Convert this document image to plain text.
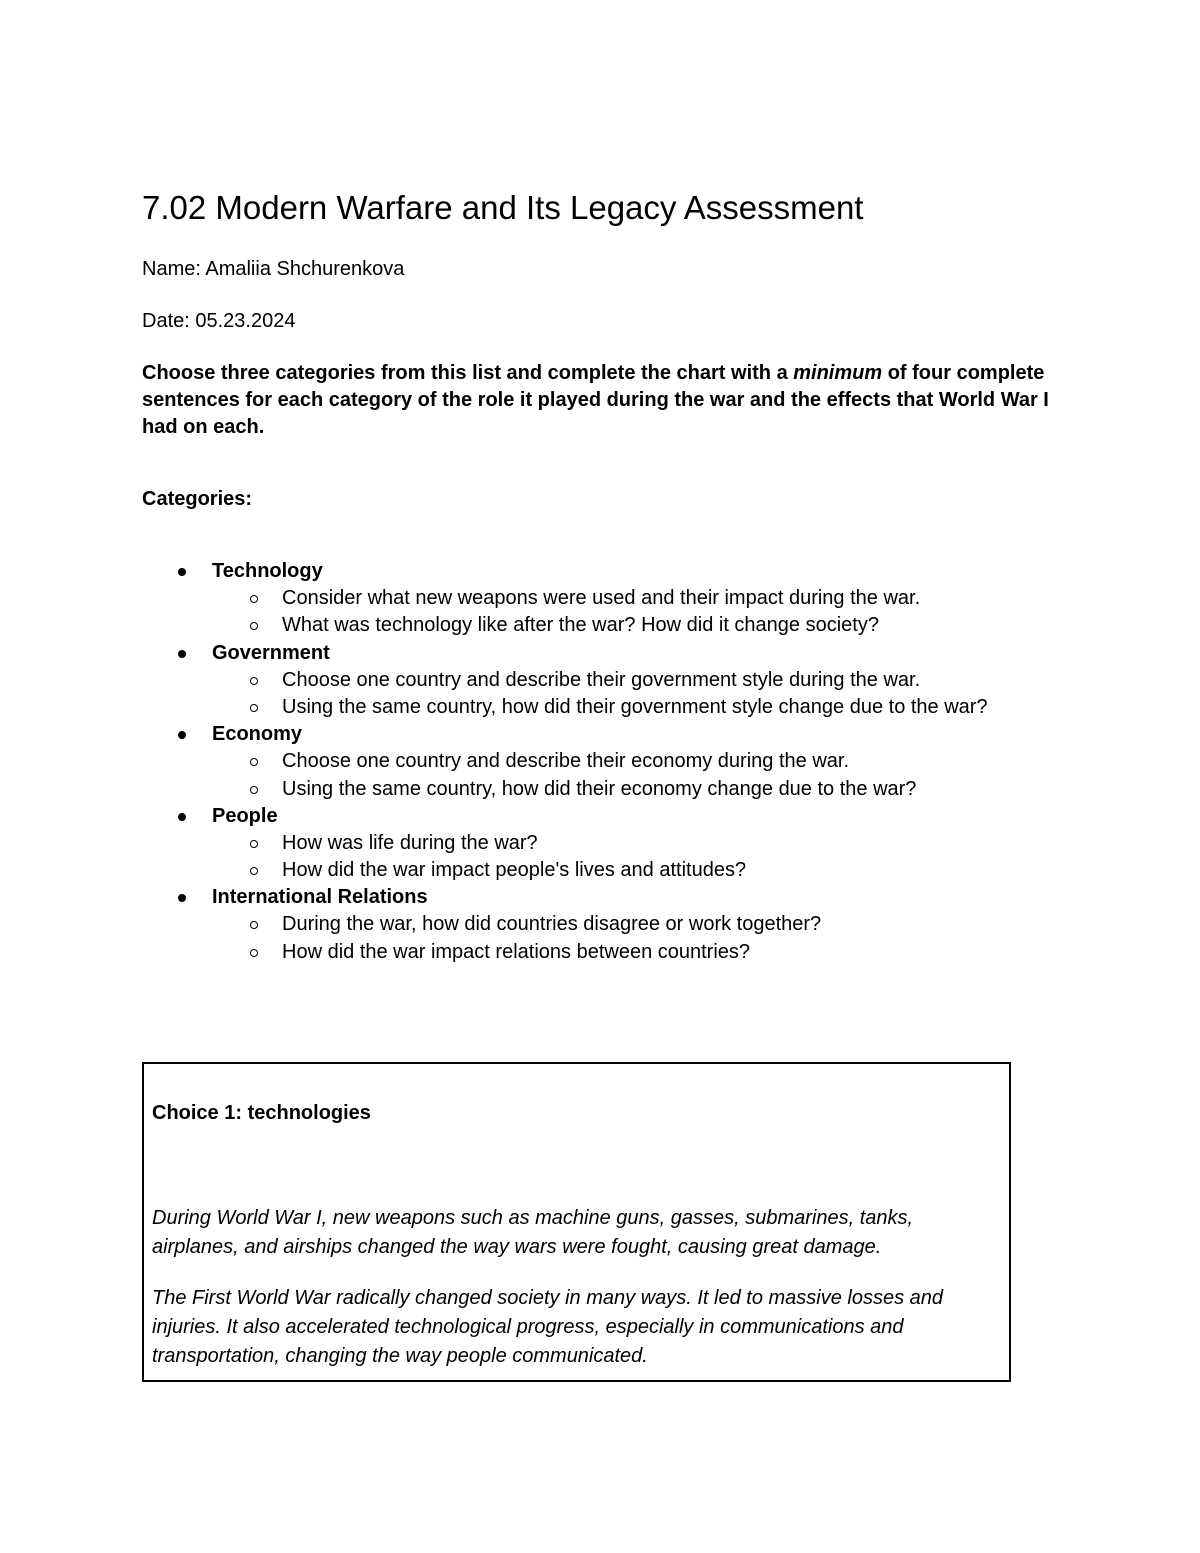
7.02 Modern Warfare and Its Legacy Assessment

Name: Amaliia Shchurenkova

Date: 05.23.2024

Choose three categories from this list and complete the chart with a minimum of four complete sentences for each category of the role it played during the war and the effects that World War I had on each.

Categories:

Technology
Consider what new weapons were used and their impact during the war.
What was technology like after the war? How did it change society?
Government
Choose one country and describe their government style during the war.
Using the same country, how did their government style change due to the war?
Economy
Choose one country and describe their economy during the war.
Using the same country, how did their economy change due to the war?
People
How was life during the war?
How did the war impact people's lives and attitudes?
International Relations
During the war, how did countries disagree or work together?
How did the war impact relations between countries?

Choice 1: technologies

During World War I, new weapons such as machine guns, gasses, submarines, tanks, airplanes, and airships changed the way wars were fought, causing great damage.

The First World War radically changed society in many ways. It led to massive losses and injuries. It also accelerated technological progress, especially in communications and transportation, changing the way people communicated.
